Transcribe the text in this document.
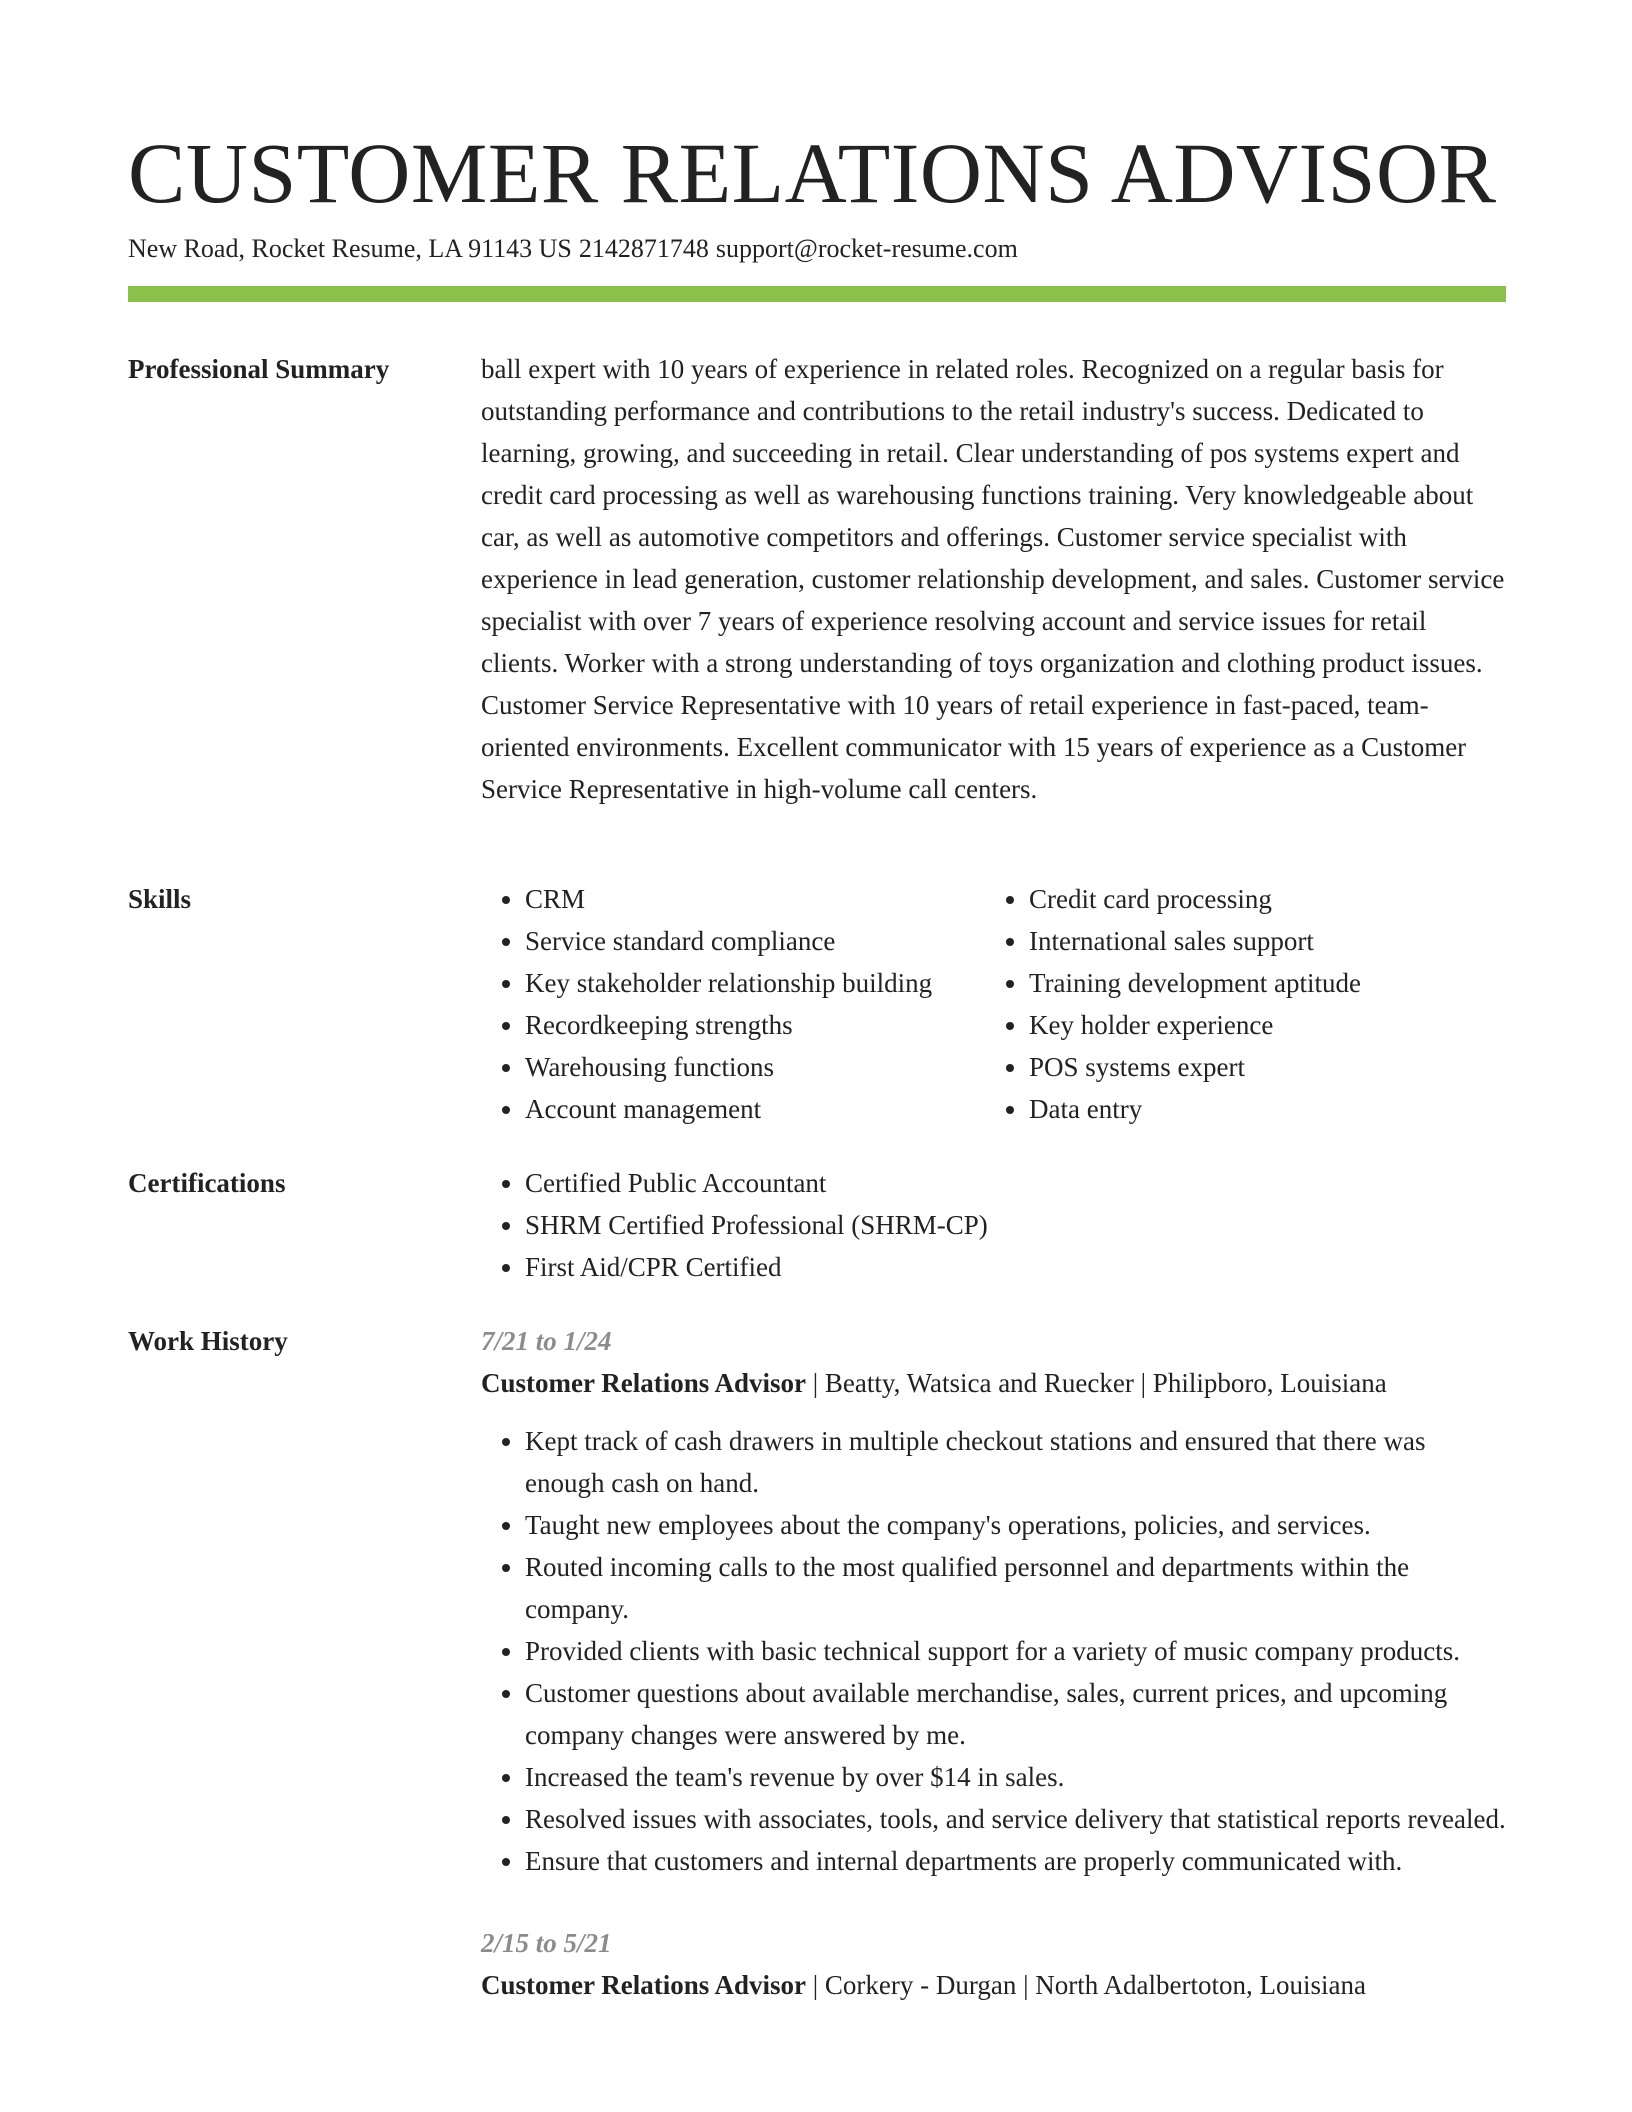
CUSTOMER RELATIONS ADVISOR
New Road, Rocket Resume, LA 91143 US 2142871748 support@rocket-resume.com
Professional Summary	ball expert with 10 years of experience in related roles. Recognized on a regular basis for outstanding performance and contributions to the retail industry's success. Dedicated to learning, growing, and succeeding in retail. Clear understanding of pos systems expert and credit card processing as well as warehousing functions training. Very knowledgeable about car, as well as automotive competitors and offerings. Customer service specialist with experience in lead generation, customer relationship development, and sales. Customer service specialist with over 7 years of experience resolving account and service issues for retail clients. Worker with a strong understanding of toys organization and clothing product issues. Customer Service Representative with 10 years of retail experience in fast-paced, team-oriented environments. Excellent communicator with 15 years of experience as a Customer Service Representative in high-volume call centers.

Skills	• CRM
• Service standard compliance
• Key stakeholder relationship building
• Recordkeeping strengths
• Warehousing functions
• Account management
• Credit card processing
• International sales support
• Training development aptitude
• Key holder experience
• POS systems expert
• Data entry
Certifications	• Certified Public Accountant
• SHRM Certified Professional (SHRM-CP)
• First Aid/CPR Certified
Work History	7/21 to 1/24
Customer Relations Advisor | Beatty, Watsica and Ruecker | Philipboro, Louisiana
• Kept track of cash drawers in multiple checkout stations and ensured that there was enough cash on hand.
• Taught new employees about the company's operations, policies, and services.
• Routed incoming calls to the most qualified personnel and departments within the company.
• Provided clients with basic technical support for a variety of music company products.
• Customer questions about available merchandise, sales, current prices, and upcoming company changes were answered by me.
• Increased the team's revenue by over $14 in sales.
• Resolved issues with associates, tools, and service delivery that statistical reports revealed.
• Ensure that customers and internal departments are properly communicated with.
2/15 to 5/21
Customer Relations Advisor | Corkery - Durgan | North Adalbertoton, Louisiana
